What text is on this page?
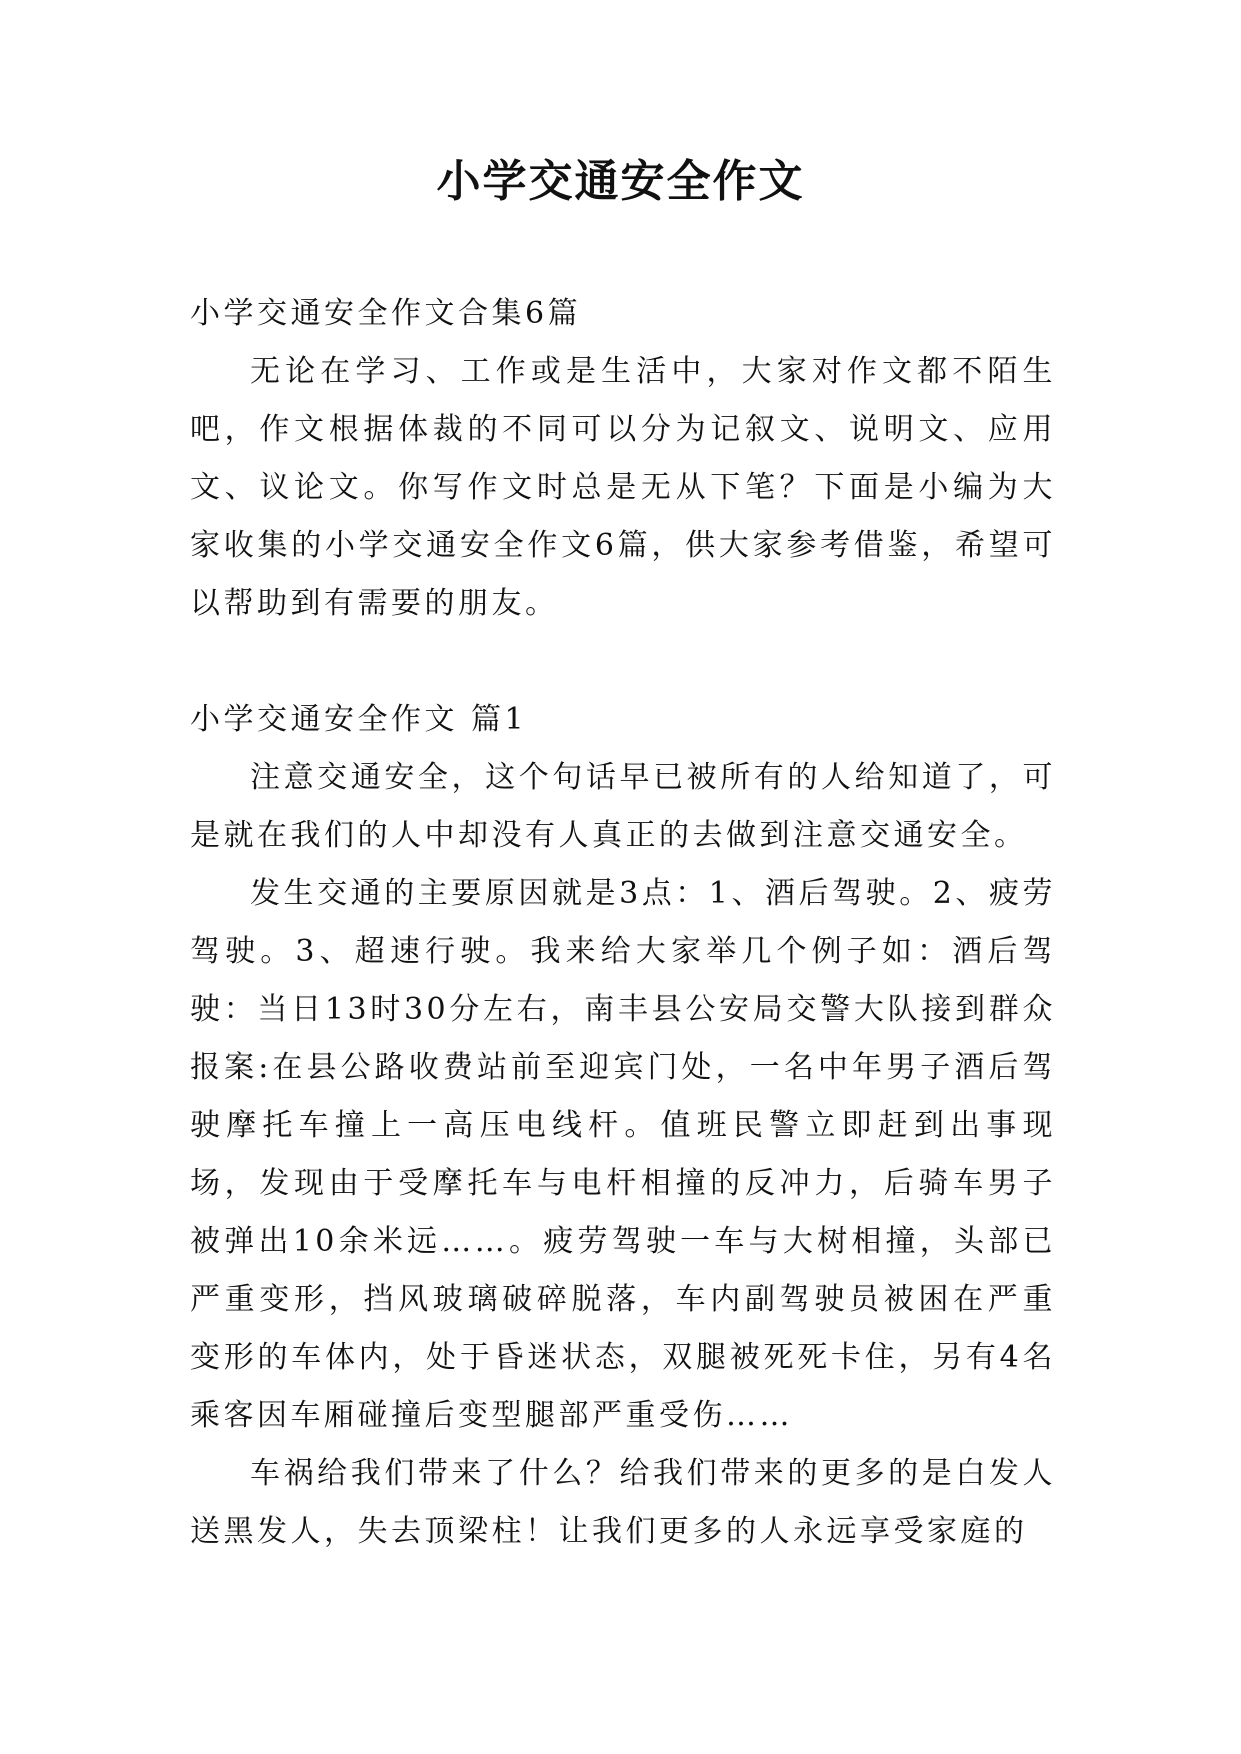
小学交通安全作文

小学交通安全作文合集6篇

无论在学习、工作或是生活中，大家对作文都不陌生吧，作文根据体裁的不同可以分为记叙文、说明文、应用文、议论文。你写作文时总是无从下笔？下面是小编为大家收集的小学交通安全作文6篇，供大家参考借鉴，希望可以帮助到有需要的朋友。

小学交通安全作文 篇1

注意交通安全，这个句话早已被所有的人给知道了，可是就在我们的人中却没有人真正的去做到注意交通安全。

发生交通的主要原因就是3点：1、酒后驾驶。2、疲劳驾驶。3、超速行驶。我来给大家举几个例子如：酒后驾驶：当日13时30分左右，南丰县公安局交警大队接到群众报案:在县公路收费站前至迎宾门处，一名中年男子酒后驾驶摩托车撞上一高压电线杆。值班民警立即赶到出事现场，发现由于受摩托车与电杆相撞的反冲力，后骑车男子被弹出10余米远……。疲劳驾驶一车与大树相撞，头部已严重变形，挡风玻璃破碎脱落，车内副驾驶员被困在严重变形的车体内，处于昏迷状态，双腿被死死卡住，另有4名乘客因车厢碰撞后变型腿部严重受伤……

车祸给我们带来了什么？给我们带来的更多的是白发人送黑发人，失去顶梁柱！让我们更多的人永远享受家庭的
